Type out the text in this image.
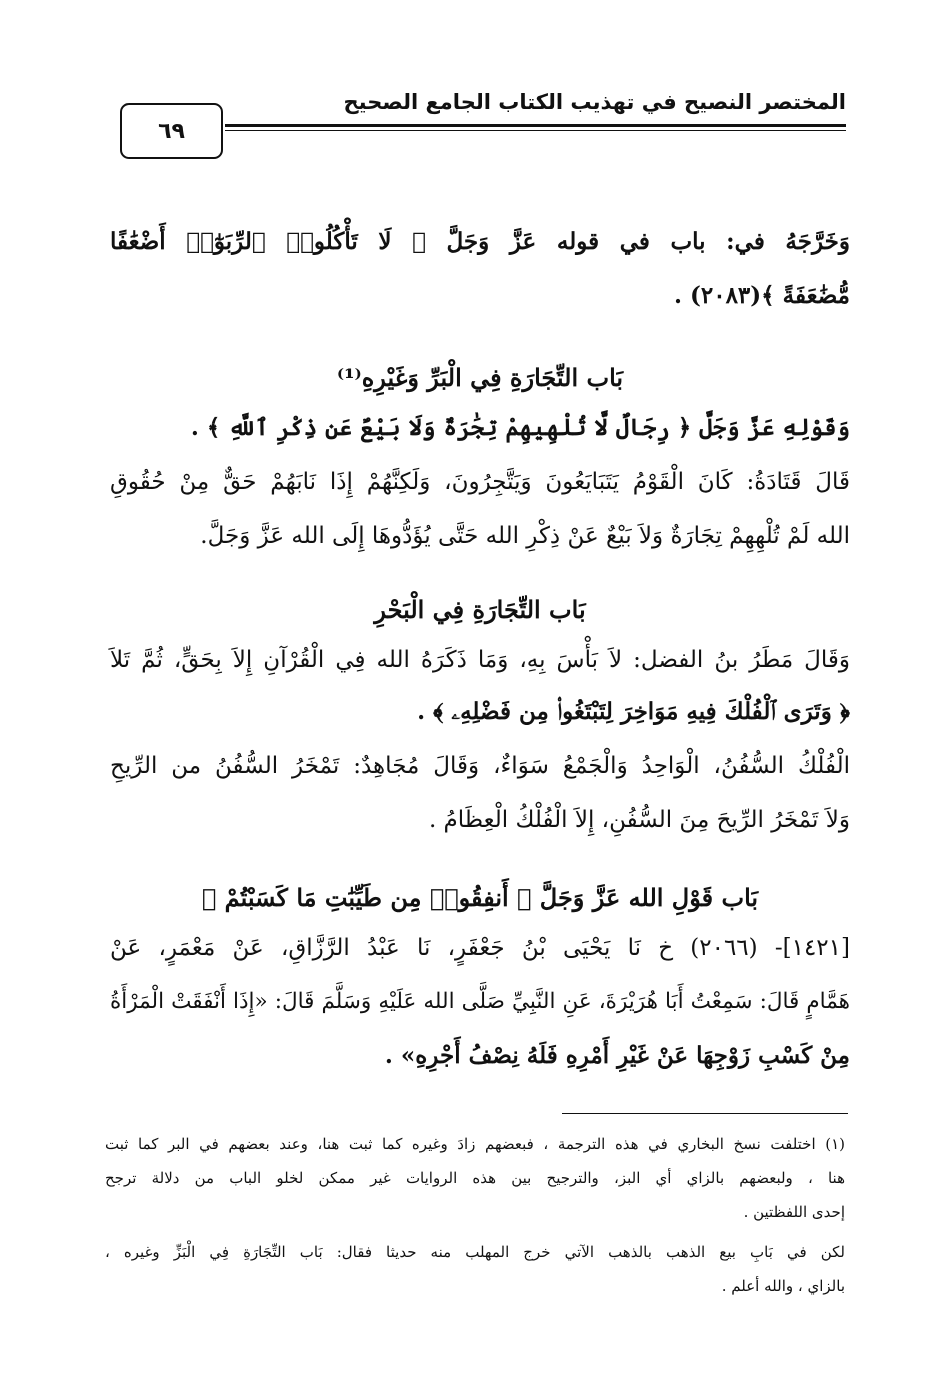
المختصر النصيح في تهذيب الكتاب الجامع الصحيح
٦٩
وَخَرَّجَهُ في: باب في قوله عَزَّ وَجَلَّ ﴿ لَا تَأْكُلُوا۟ ٱلرِّبَوٰٓا۟ أَضْعَٰفًا
مُّضَٰعَفَةً ﴾(٢٠٨٣) .
بَاب التِّجَارَةِ فِي الْبَرِّ وَغَيْرِهِ⁽¹⁾
وَقَوْلِهِ عَزَّ وَجَلَّ ﴿ رِجَالٌ لَّا تُلْهِيهِمْ تِجَٰرَةٌ وَلَا بَيْعٌ عَن ذِكْرِ ٱللَّهِ ﴾ .
قَالَ قَتَادَةُ: كَانَ الْقَوْمُ يَتَبَايَعُونَ وَيَتَّجِرُونَ، وَلَكِنَّهُمْ إِذَا نَابَهُمْ حَقٌّ مِنْ حُقُوقِ
الله لَمْ تُلْهِهِمْ تِجَارَةٌ وَلاَ بَيْعٌ عَنْ ذِكْرِ الله حَتَّى يُؤَدُّوهَا إِلَى الله عَزَّ وَجَلَّ.
بَاب التِّجَارَةِ فِي الْبَحْرِ
وَقَالَ مَطَرُ بنُ الفضل: لاَ بَأْسَ بِهِ، وَمَا ذَكَرَهُ الله فِي الْقُرْآنِ إِلاَ بِحَقٍّ، ثُمَّ تَلاَ
﴿ وَتَرَى ٱلْفُلْكَ فِيهِ مَوَاخِرَ لِتَبْتَغُوا۟ مِن فَضْلِهِۦ ﴾ .
الْفُلْكُ السُّفُنُ، الْوَاحِدُ وَالْجَمْعُ سَوَاءٌ، وَقَالَ مُجَاهِدٌ: تَمْخَرُ السُّفُنُ من الرِّيحِ
وَلاَ تَمْخَرُ الرِّيحَ مِنَ السُّفُنِ، إِلاَ الْفُلْكُ الْعِظَامُ .
بَاب قَوْلِ الله عَزَّ وَجَلَّ ﴿ أَنفِقُوا۟ مِن طَيِّبَٰتِ مَا كَسَبْتُمْ ﴾
[١٤٢١]- (٢٠٦٦) خ نَا يَحْيَى بْنُ جَعْفَرٍ، نَا عَبْدُ الرَّزَّاقِ، عَنْ مَعْمَرٍ، عَنْ
هَمَّامٍ قَالَ: سَمِعْتُ أَبَا هُرَيْرَةَ، عَنِ النَّبِيِّ صَلَّى الله عَلَيْهِ وَسَلَّمَ قَالَ: «إِذَا أَنْفَقَتْ الْمَرْأَةُ
مِنْ كَسْبِ زَوْجِهَا عَنْ غَيْرِ أَمْرِهِ فَلَهُ نِصْفُ أَجْرِهِ» .
(١) اختلفت نسخ البخاري في هذه الترجمة ، فبعضهم زادَ وغيره كما ثبت هنا، وعند بعضهم في البر كما ثبت
هنا ، ولبعضهم بالزاي أي البز، والترجيح بين هذه الروايات غير ممكن لخلو الباب من دلالة ترجح
إحدى اللفظتين .
لكن في بَابِ بيع الذهب بالذهب الآتي خرج المهلب منه حديثا فقال: بَاب التِّجَارَةِ فِي الْبَزِّ وغيره ،
بالزاي ، والله أعلم .
